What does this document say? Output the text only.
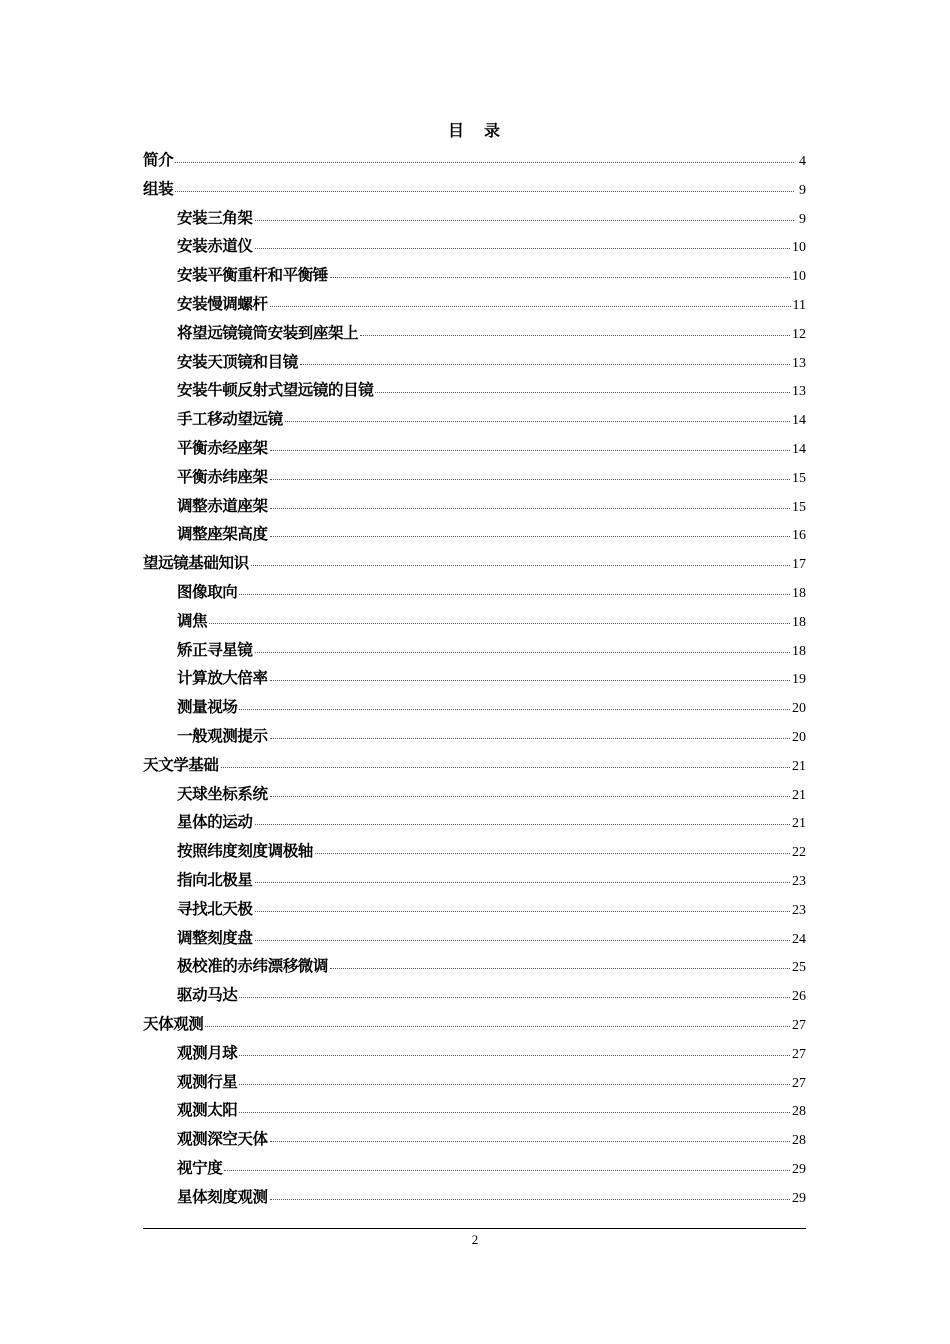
目　录
简介	4
组装	9
安装三角架	9
安装赤道仪	10
安装平衡重杆和平衡锤	10
安装慢调螺杆	11
将望远镜镜筒安装到座架上	12
安装天顶镜和目镜	13
安装牛顿反射式望远镜的目镜	13
手工移动望远镜	14
平衡赤经座架	14
平衡赤纬座架	15
调整赤道座架	15
调整座架高度	16
望远镜基础知识	17
图像取向	18
调焦	18
矫正寻星镜	18
计算放大倍率	19
测量视场	20
一般观测提示	20
天文学基础	21
天球坐标系统	21
星体的运动	21
按照纬度刻度调极轴	22
指向北极星	23
寻找北天极	23
调整刻度盘	24
极校准的赤纬漂移微调	25
驱动马达	26
天体观测	27
观测月球	27
观测行星	27
观测太阳	28
观测深空天体	28
视宁度	29
星体刻度观测	29
2
